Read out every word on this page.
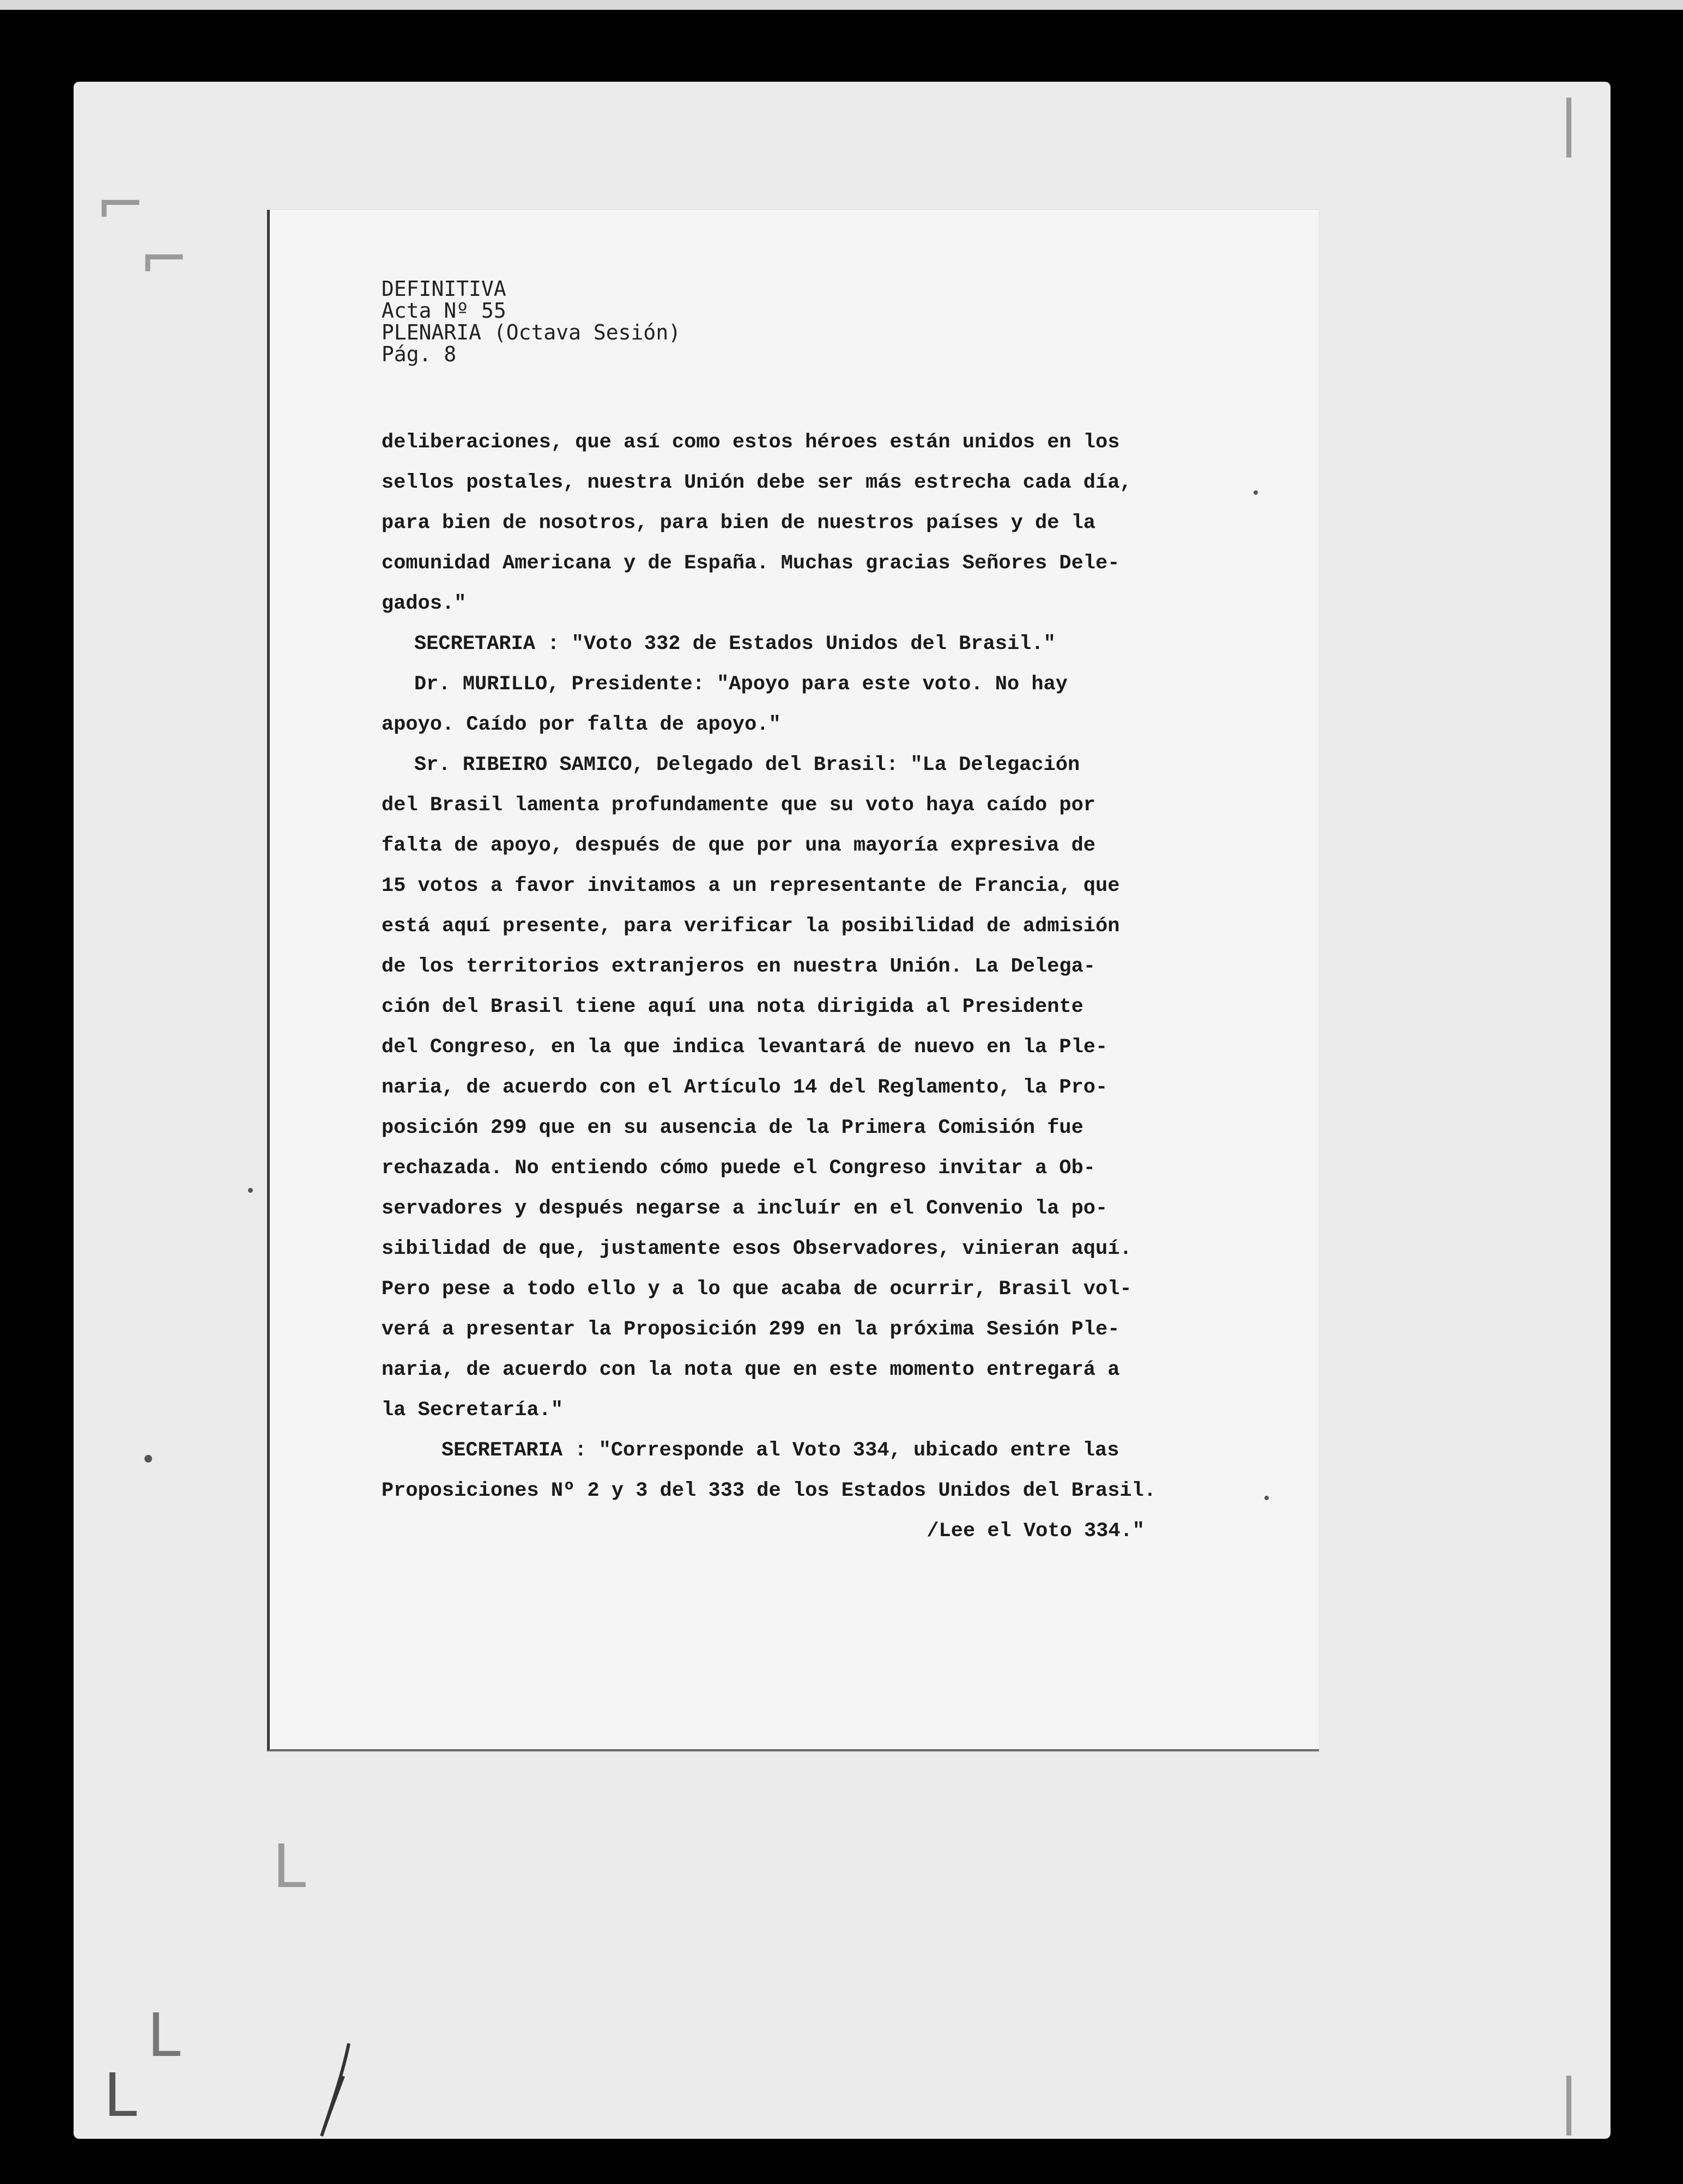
⌐
⌐
|
L
L
L	|
DEFINITIVA
Acta Nº 55
PLENARIA (Octava Sesión)
Pág. 8
deliberaciones, que así como estos héroes están unidos en los
sellos postales, nuestra Unión debe ser más estrecha cada día,
para bien de nosotros, para bien de nuestros países y de la
comunidad Americana y de España. Muchas gracias Señores Dele-
gados."
SECRETARIA : "Voto 332 de Estados Unidos del Brasil."
Dr. MURILLO, Presidente: "Apoyo para este voto. No hay
apoyo. Caído por falta de apoyo."
Sr. RIBEIRO SAMICO, Delegado del Brasil: "La Delegación
del Brasil lamenta profundamente que su voto haya caído por
falta de apoyo, después de que por una mayoría expresiva de
15 votos a favor invitamos a un representante de Francia, que
está aquí presente, para verificar la posibilidad de admisión
de los territorios extranjeros en nuestra Unión. La Delega-
ción del Brasil tiene aquí una nota dirigida al Presidente
del Congreso, en la que indica levantará de nuevo en la Ple-
naria, de acuerdo con el Artículo 14 del Reglamento, la Pro-
posición 299 que en su ausencia de la Primera Comisión fue
rechazada. No entiendo cómo puede el Congreso invitar a Ob-
servadores y después negarse a incluír en el Convenio la po-
sibilidad de que, justamente esos Observadores, vinieran aquí.
Pero pese a todo ello y a lo que acaba de ocurrir, Brasil vol-
verá a presentar la Proposición 299 en la próxima Sesión Ple-
naria, de acuerdo con la nota que en este momento entregará a
la Secretaría."
SECRETARIA : "Corresponde al Voto 334, ubicado entre las
Proposiciones Nº 2 y 3 del 333 de los Estados Unidos del Brasil.
/Lee el Voto 334."
